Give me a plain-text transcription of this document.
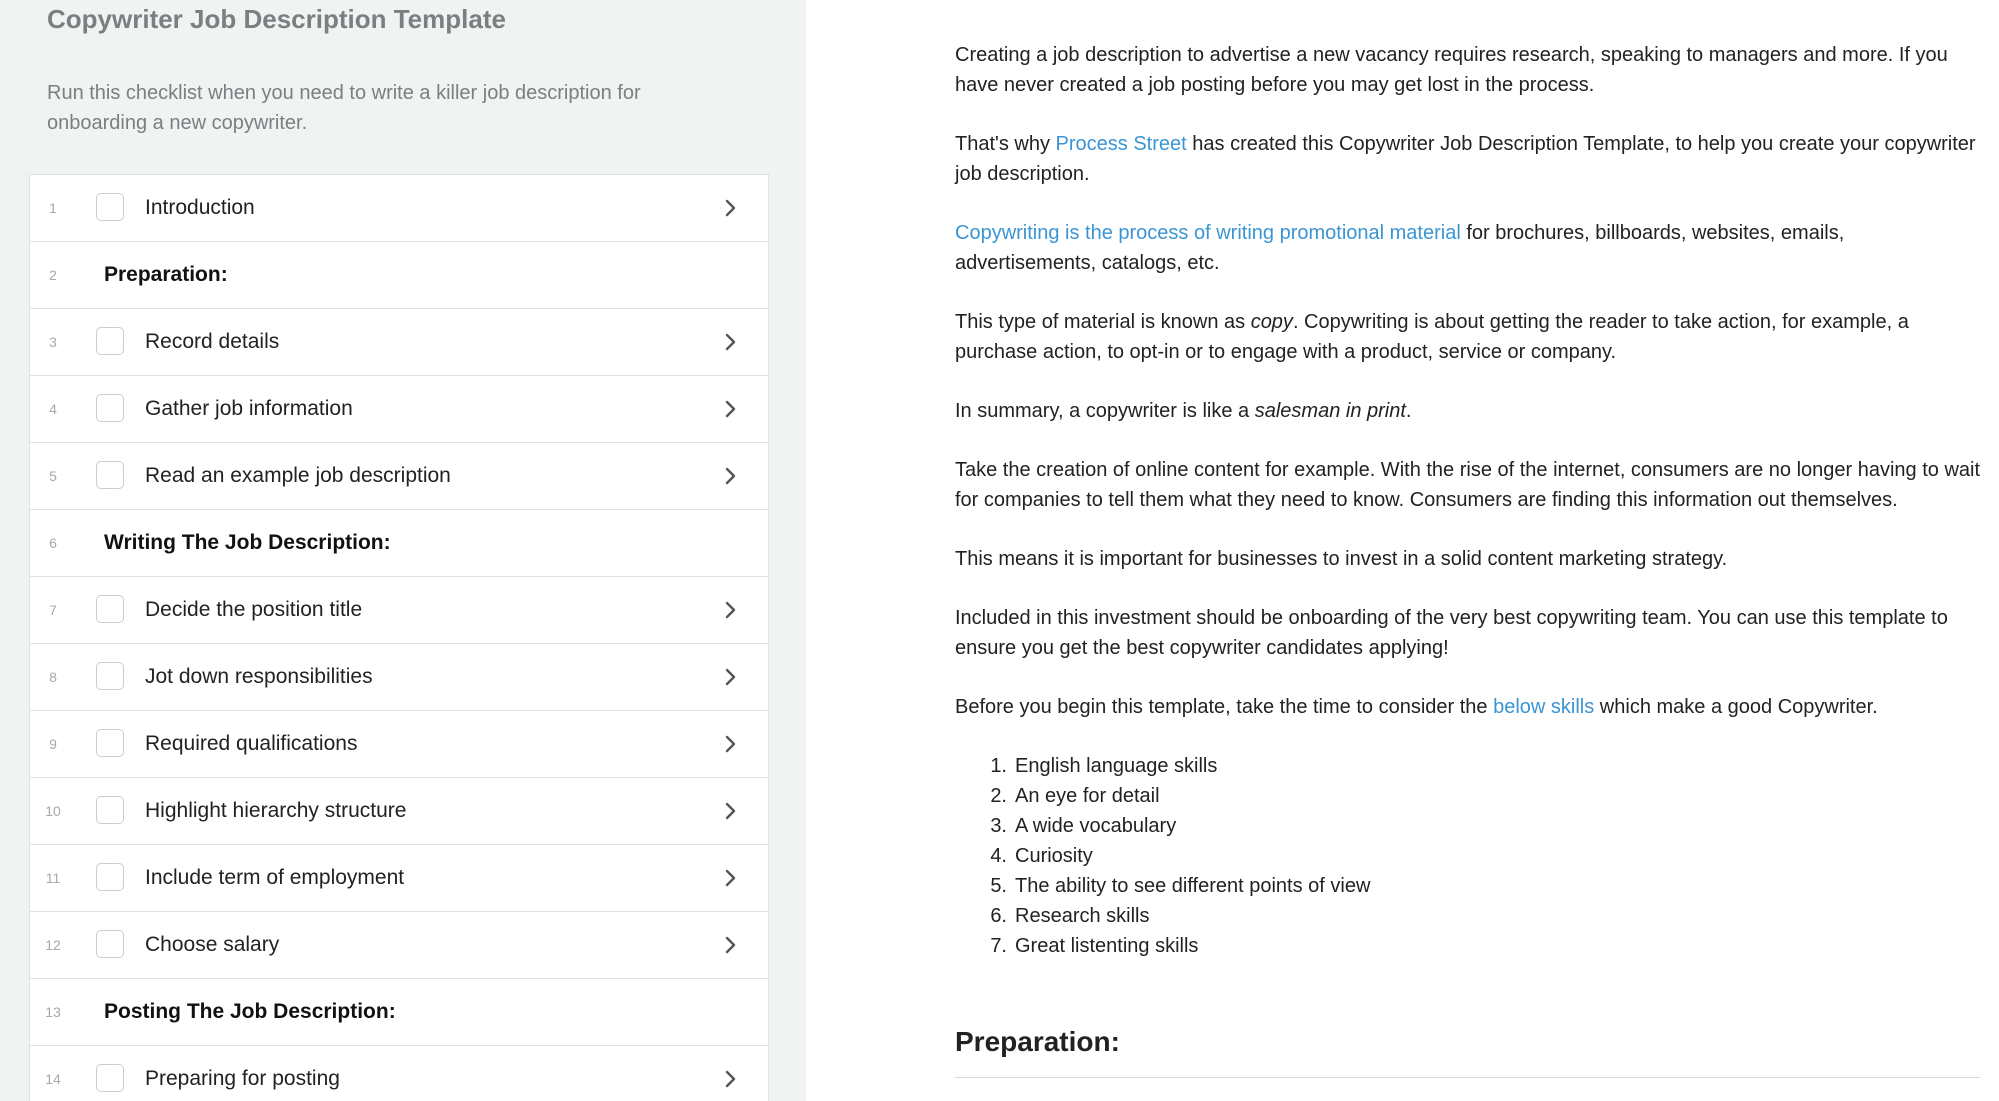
Copywriter Job Description Template
Run this checklist when you need to write a killer job description for onboarding a new copywriter.
1	Introduction
2	Preparation:
3	Record details
4	Gather job information
5	Read an example job description
6	Writing The Job Description:
7	Decide the position title
8	Jot down responsibilities
9	Required qualifications
10	Highlight hierarchy structure
11	Include term of employment
12	Choose salary
13	Posting The Job Description:
14	Preparing for posting

Creating a job description to advertise a new vacancy requires research, speaking to managers and more. If you have never created a job posting before you may get lost in the process.

That's why Process Street has created this Copywriter Job Description Template, to help you create your copywriter job description.

Copywriting is the process of writing promotional material for brochures, billboards, websites, emails, advertisements, catalogs, etc.

This type of material is known as copy. Copywriting is about getting the reader to take action, for example, a purchase action, to opt-in or to engage with a product, service or company.

In summary, a copywriter is like a salesman in print.

Take the creation of online content for example. With the rise of the internet, consumers are no longer having to wait for companies to tell them what they need to know. Consumers are finding this information out themselves.

This means it is important for businesses to invest in a solid content marketing strategy.

Included in this investment should be onboarding of the very best copywriting team. You can use this template to ensure you get the best copywriter candidates applying!

Before you begin this template, take the time to consider the below skills which make a good Copywriter.

1. English language skills
2. An eye for detail
3. A wide vocabulary
4. Curiosity
5. The ability to see different points of view
6. Research skills
7. Great listenting skills
Preparation:
